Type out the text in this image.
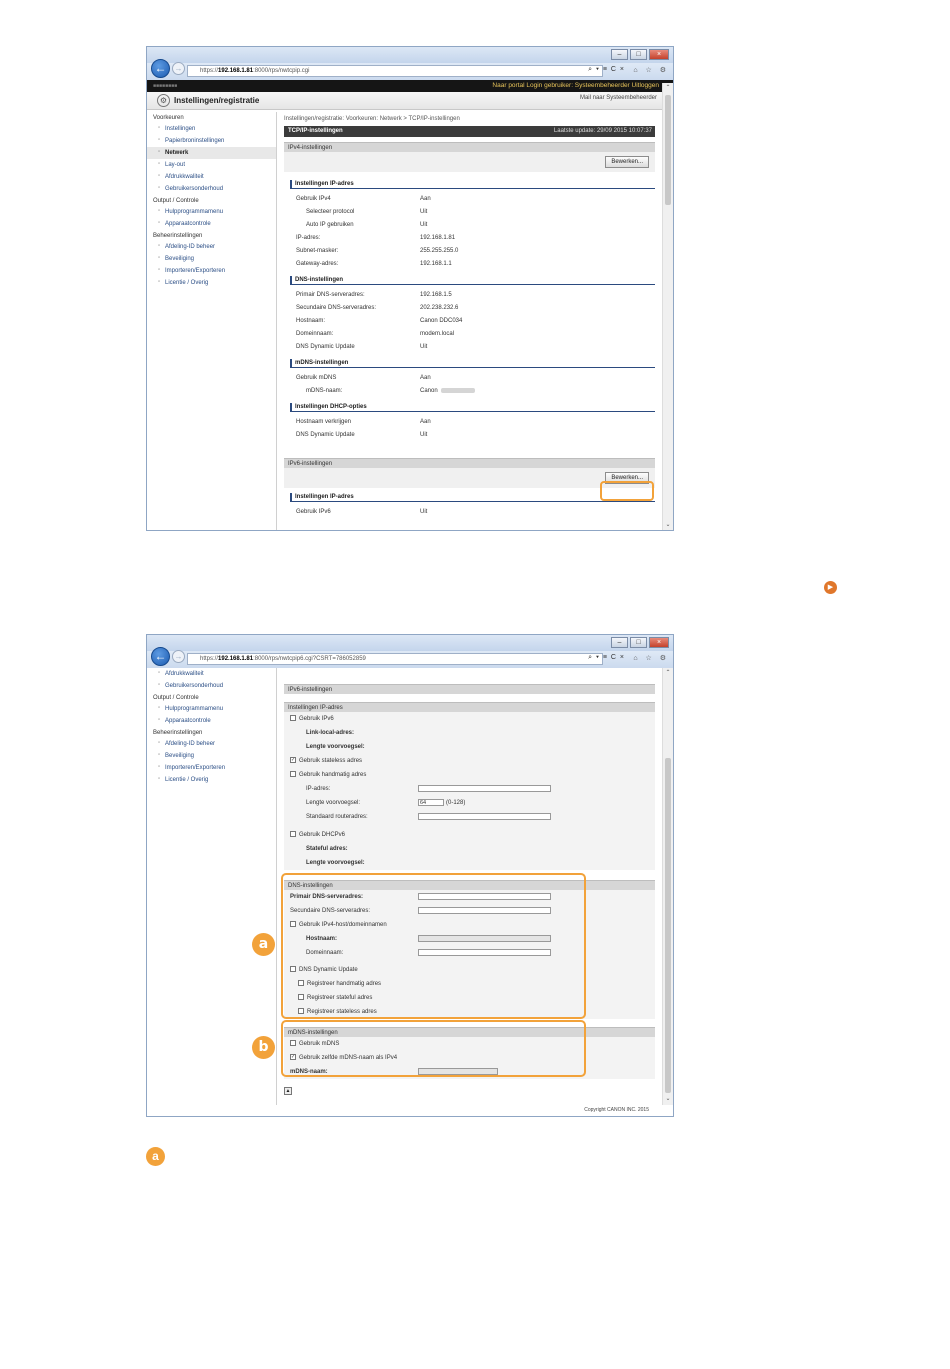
–	□	×
←	→	https://192.168.1.81:8000/rps/nwtcpip.cgi	⌕ ▾ ≡ C × ⌂ ☆ ⚙
■■■■■■■■	Naar portal Login gebruiker: Systeembeheerder Uitloggen
⚙ Instellingen/registratie	Mail naar Systeembeheerder
Voorkeuren
▫ Instellingen
▫ Papierbroninstellingen
▫ Netwerk
▫ Lay-out
▫ Afdrukkwaliteit
▫ Gebruikersonderhoud
Output / Controle
▫ Hulpprogrammamenu
▫ Apparaatcontrole
Beheerinstellingen
▫ Afdeling-ID beheer
▫ Beveiliging
▫ Importeren/Exporteren
▫ Licentie / Overig
Instellingen/registratie: Voorkeuren: Netwerk > TCP/IP-instellingen
TCP/IP-instellingen	Laatste update: 29/09 2015 10:07:37
IPv4-instellingen
Bewerken...
Instellingen IP-adres
Gebruik IPv4	Aan
Selecteer protocol	Uit
Auto IP gebruiken	Uit
IP-adres:	192.168.1.81
Subnet-masker:	255.255.255.0
Gateway-adres:	192.168.1.1
DNS-instellingen
Primair DNS-serveradres:	192.168.1.5
Secundaire DNS-serveradres:	202.238.232.6
Hostnaam:	Canon DDC034
Domeinnaam:	modem.local
DNS Dynamic Update	Uit
mDNS-instellingen
Gebruik mDNS	Aan
mDNS-naam:	Canon
Instellingen DHCP-opties
Hostnaam verkrijgen	Aan
DNS Dynamic Update	Uit
IPv6-instellingen
Bewerken...
Instellingen IP-adres
Gebruik IPv6	Uit
⌃
⌄
▶
–	□	×
←	→	https://192.168.1.81:8000/rps/nwtcpip6.cgi?CSRT=786052859	⌕ ▾ ≡ C × ⌂ ☆ ⚙
▫ Afdrukkwaliteit
▫ Gebruikersonderhoud
Output / Controle
▫ Hulpprogrammamenu
▫ Apparaatcontrole
Beheerinstellingen
▫ Afdeling-ID beheer
▫ Beveiliging
▫ Importeren/Exporteren
▫ Licentie / Overig
IPv6-instellingen
Instellingen IP-adres
Gebruik IPv6
Link-local-adres:
Lengte voorvoegsel:
✓ Gebruik stateless adres
Gebruik handmatig adres
IP-adres:
Lengte voorvoegsel:	64	(0-128)
Standaard routeradres:
Gebruik DHCPv6
Stateful adres:
Lengte voorvoegsel:
DNS-instellingen
Primair DNS-serveradres:
Secundaire DNS-serveradres:
Gebruik IPv4-host/domeinnamen
Hostnaam:
Domeinnaam:
DNS Dynamic Update
Registreer handmatig adres
Registreer stateful adres
Registreer stateless adres
mDNS-instellingen
Gebruik mDNS
✓ Gebruik zelfde mDNS-naam als IPv4
mDNS-naam:
▲
⌃
⌄
Copyright CANON INC. 2015
a
b
a
